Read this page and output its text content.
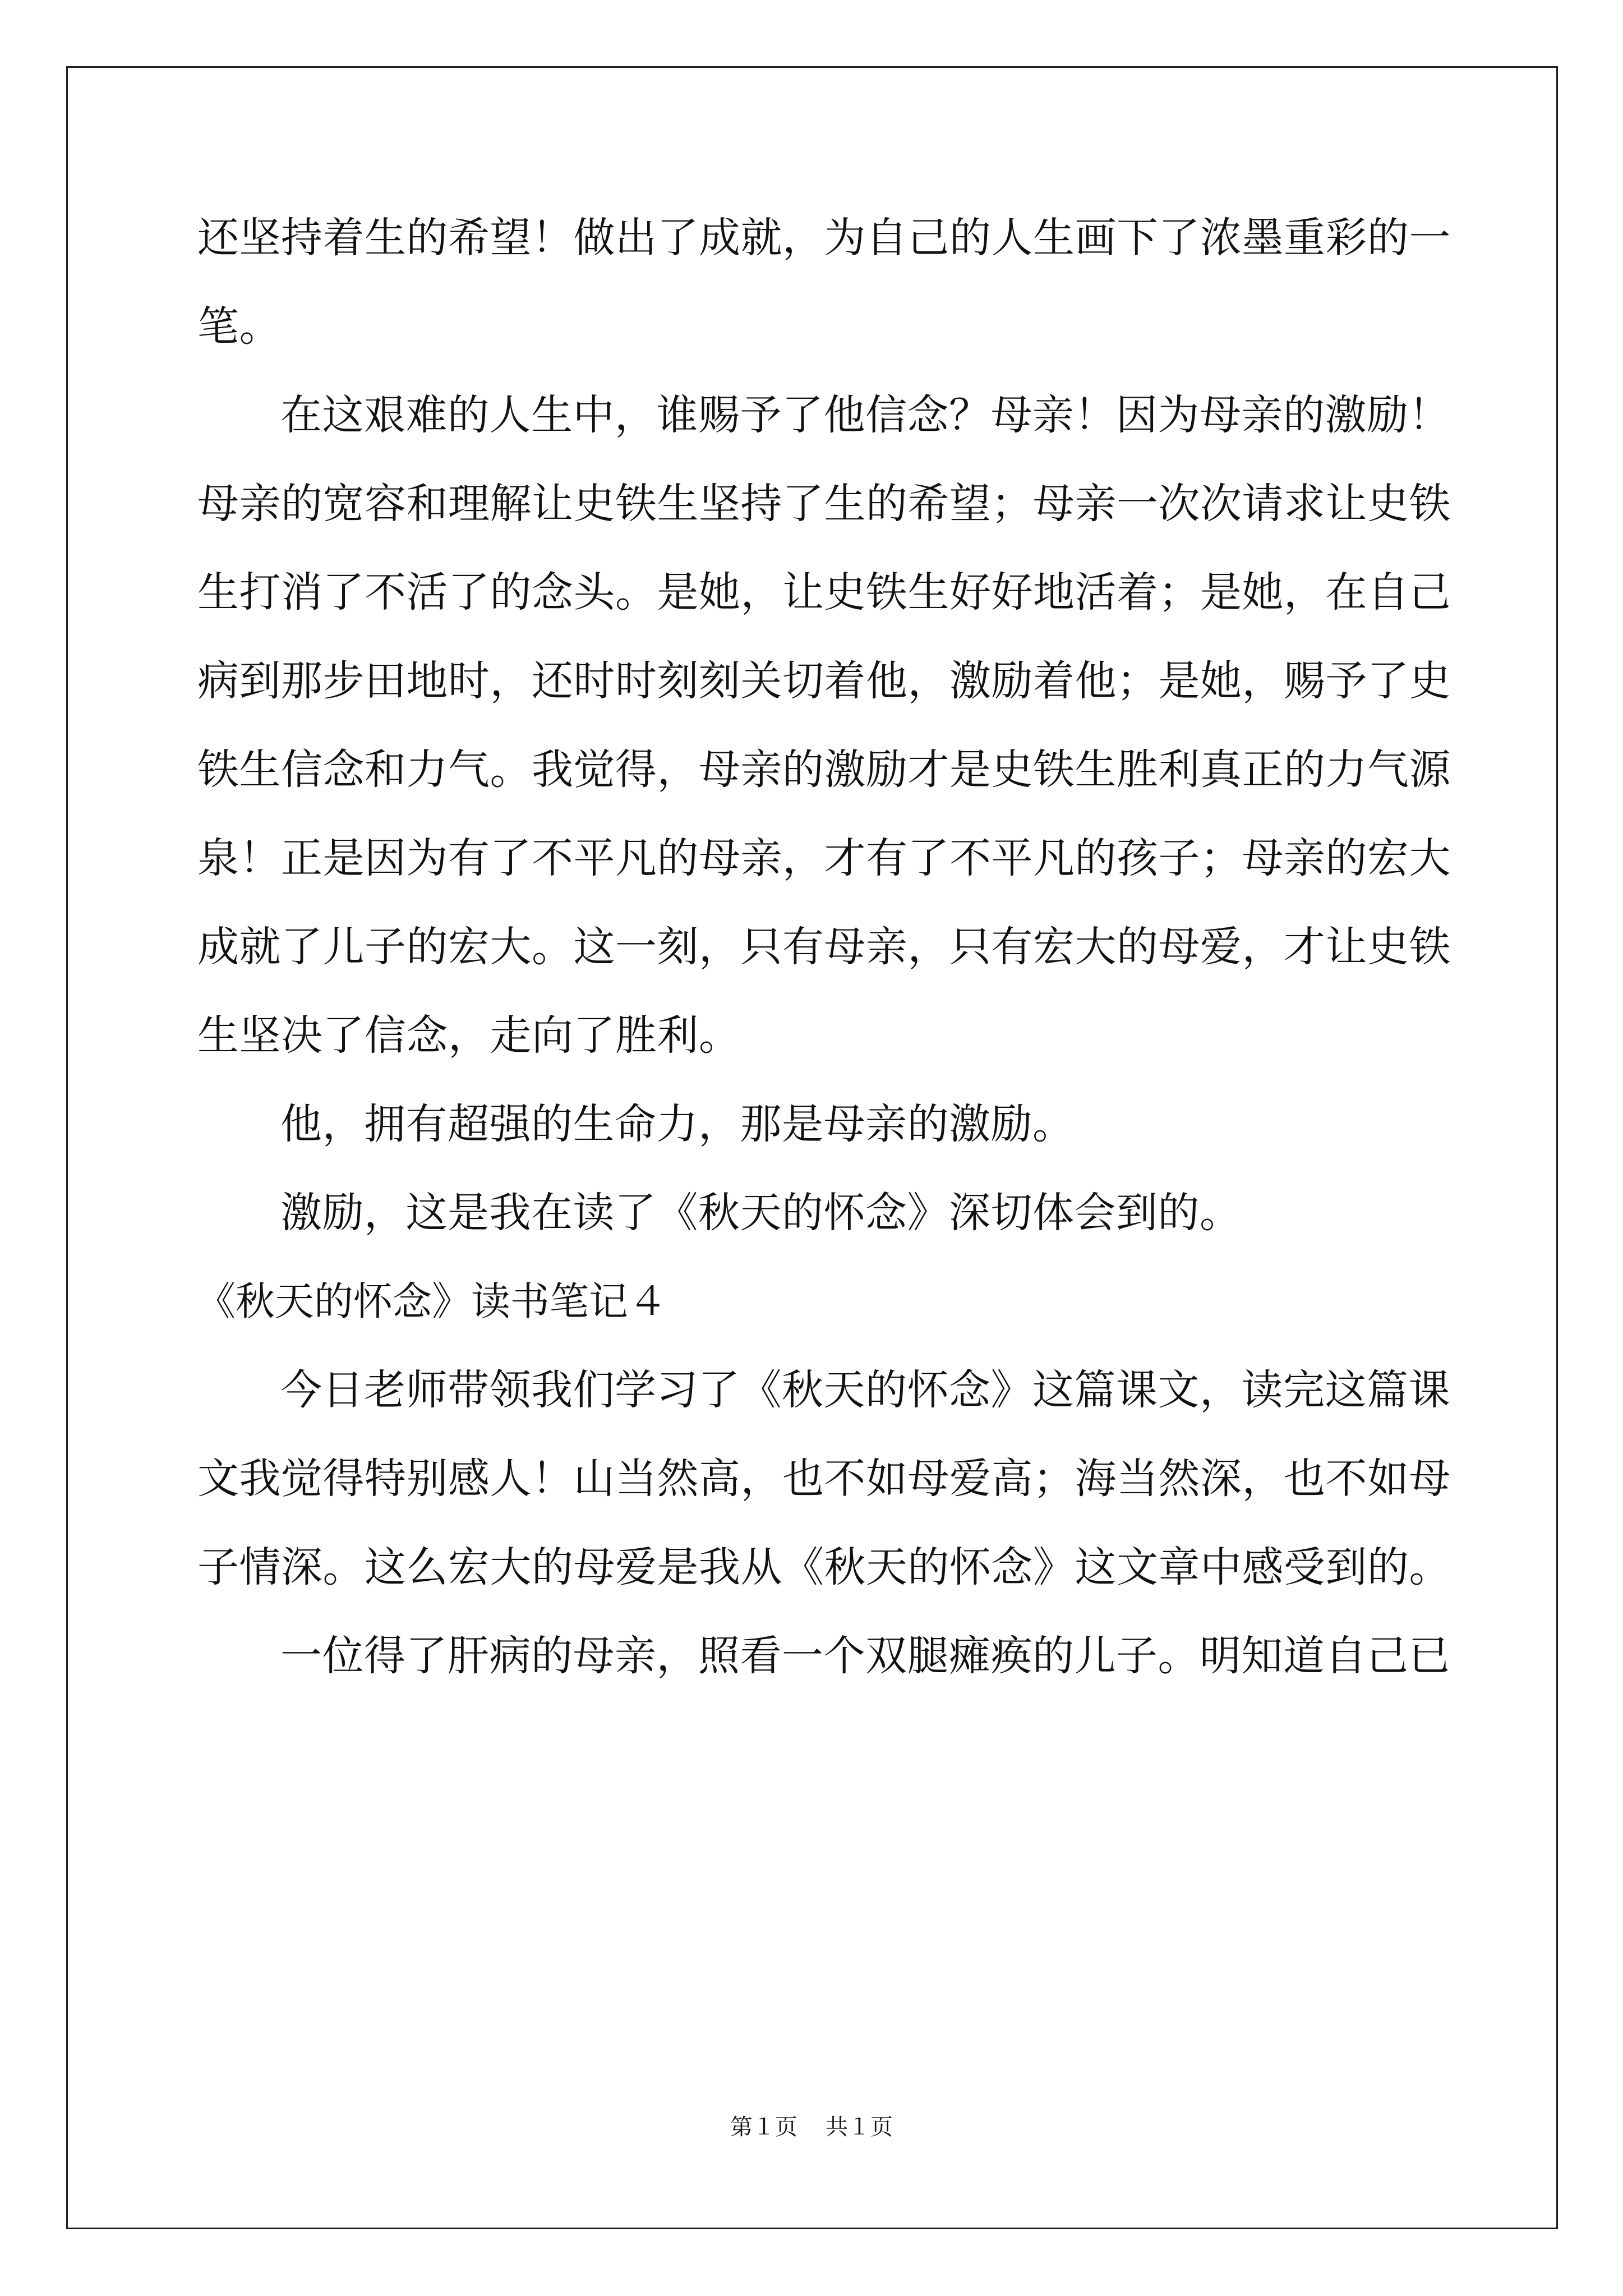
还坚持着生的希望！做出了成就，为自己的人生画下了浓墨重彩的一
笔。
在这艰难的人生中，谁赐予了他信念？母亲！因为母亲的激励！
母亲的宽容和理解让史铁生坚持了生的希望；母亲一次次请求让史铁
生打消了不活了的念头。是她，让史铁生好好地活着；是她，在自己
病到那步田地时，还时时刻刻关切着他，激励着他；是她，赐予了史
铁生信念和力气。我觉得，母亲的激励才是史铁生胜利真正的力气源
泉！正是因为有了不平凡的母亲，才有了不平凡的孩子；母亲的宏大
成就了儿子的宏大。这一刻，只有母亲，只有宏大的母爱，才让史铁
生坚决了信念，走向了胜利。
他，拥有超强的生命力，那是母亲的激励。
激励，这是我在读了《秋天的怀念》深切体会到的。
《秋天的怀念》读书笔记４
今日老师带领我们学习了《秋天的怀念》这篇课文，读完这篇课
文我觉得特别感人！山当然高，也不如母爱高；海当然深，也不如母
子情深。这么宏大的母爱是我从《秋天的怀念》这文章中感受到的。
一位得了肝病的母亲，照看一个双腿瘫痪的儿子。明知道自己已
第１页 共１页
